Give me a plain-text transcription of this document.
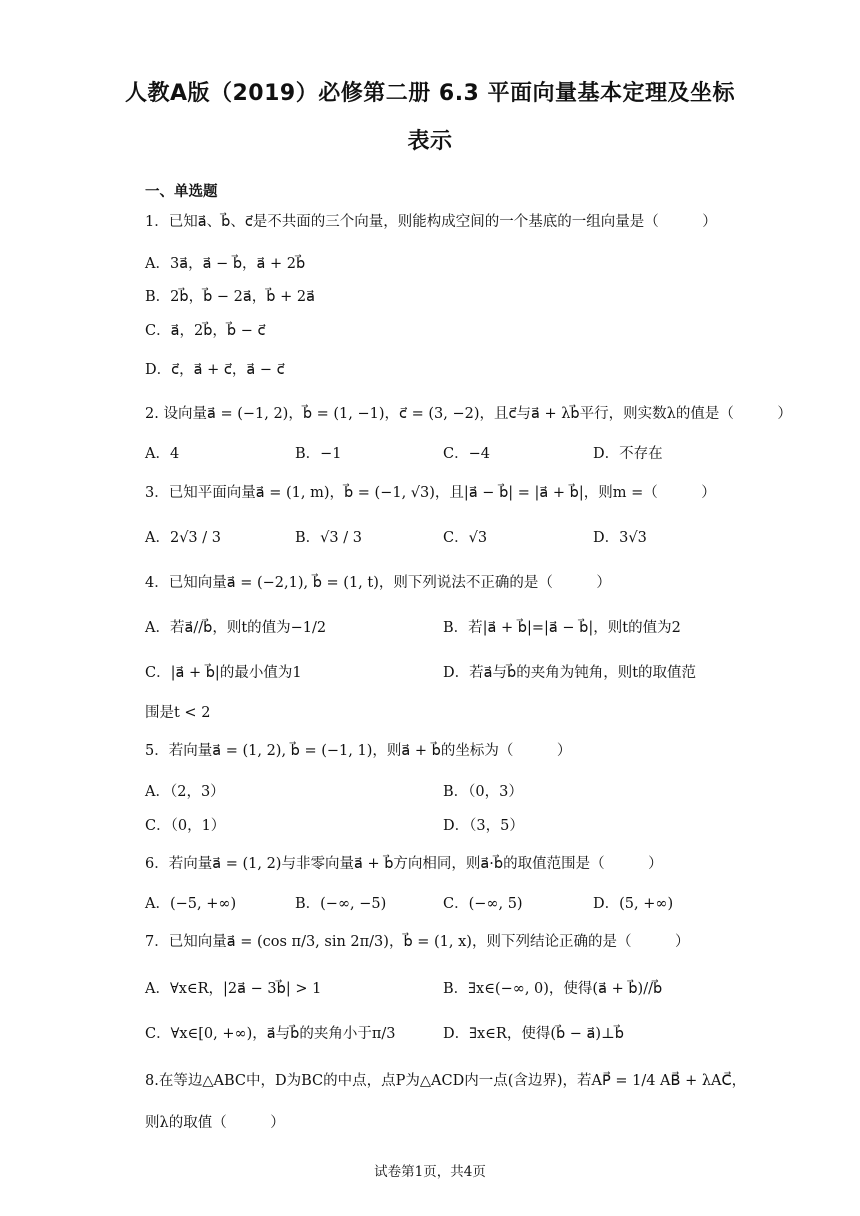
人教A版（2019）必修第二册 6.3 平面向量基本定理及坐标
表示
一、单选题
1．已知a⃗、b⃗、c⃗是不共面的三个向量，则能构成空间的一个基底的一组向量是（　　　）
A．3a⃗，a⃗ − b⃗，a⃗ + 2b⃗
B．2b⃗，b⃗ − 2a⃗，b⃗ + 2a⃗
C．a⃗，2b⃗，b⃗ − c⃗
D．c⃗，a⃗ + c⃗，a⃗ − c⃗
2. 设向量a⃗ = (−1, 2)，b⃗ = (1, −1)，c⃗ = (3, −2)，且c⃗与a⃗ + λb⃗平行，则实数λ的值是（　　　）
A．4	B．−1	C．−4	D．不存在
3．已知平面向量a⃗ = (1, m)，b⃗ = (−1, √3)，且|a⃗ − b⃗| = |a⃗ + b⃗|，则m =（　　　）
A．2√3 / 3	B．√3 / 3	C．√3	D．3√3
4．已知向量a⃗ = (−2,1), b⃗ = (1, t)，则下列说法不正确的是（　　　）
A．若a⃗//b⃗，则t的值为−1/2	B．若|a⃗ + b⃗|=|a⃗ − b⃗|，则t的值为2
C．|a⃗ + b⃗|的最小值为1	D．若a⃗与b⃗的夹角为钝角，则t的取值范
围是t < 2
5．若向量a⃗ = (1, 2), b⃗ = (−1, 1)，则a⃗ + b⃗的坐标为（　　　）
A．（2，3）	B．（0，3）
C．（0，1）	D．（3，5）
6．若向量a⃗ = (1, 2)与非零向量a⃗ + b⃗方向相同，则a⃗·b⃗的取值范围是（　　　）
A．(−5, +∞)	B．(−∞, −5)	C．(−∞, 5)	D．(5, +∞)
7．已知向量a⃗ = (cos π/3, sin 2π/3)，b⃗ = (1, x)，则下列结论正确的是（　　　）
A．∀x∈R，|2a⃗ − 3b⃗| > 1	B．∃x∈(−∞, 0)，使得(a⃗ + b⃗)//b⃗
C．∀x∈[0, +∞)，a⃗与b⃗的夹角小于π/3	D．∃x∈R，使得(b⃗ − a⃗)⊥b⃗
8.在等边△ABC中，D为BC的中点，点P为△ACD内一点(含边界)，若AP⃗ = 1/4 AB⃗ + λAC⃗，
则λ的取值（　　　）
试卷第1页，共4页
